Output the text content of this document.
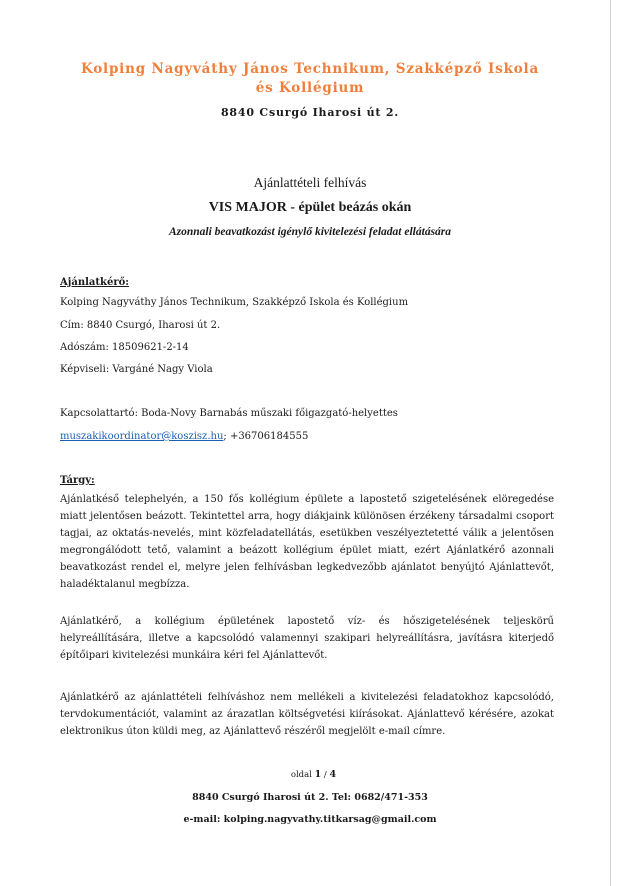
Kolping Nagyváthy János Technikum, Szakképző Iskola és Kollégium
8840 Csurgó Iharosi út 2.
Ajánlattételi felhívás
VIS MAJOR - épület beázás okán
Azonnali beavatkozást igénylő kivitelezési feladat ellátására
Ajánlatkérő:
Kolping Nagyváthy János Technikum, Szakképző Iskola és Kollégium
Cím: 8840 Csurgó, Iharosi út 2.
Adószám: 18509621-2-14
Képviseli: Vargáné Nagy Viola
Kapcsolattartó: Boda-Novy Barnabás műszaki főigazgató-helyettes
muszakikoordinator@koszisz.hu; +36706184555
Tárgy:
Ajánlatkéső telephelyén, a 150 fős kollégium épülete a lapostető szigetelésének elöregedése miatt jelentősen beázott. Tekintettel arra, hogy diákjaink különösen érzékeny társadalmi csoport tagjai, az oktatás-nevelés, mint közfeladatellátás, esetükben veszélyeztetetté válik a jelentősen megrongálódott tető, valamint a beázott kollégium épület miatt, ezért Ajánlatkérő azonnali beavatkozást rendel el, melyre jelen felhívásban legkedvezőbb ajánlatot benyújtó Ajánlattevőt, haladéktalanul megbízza.
Ajánlatkérő, a kollégium épületének lapostető víz- és hőszigetelésének teljeskörű helyreállítására, illetve a kapcsolódó valamennyi szakipari helyreállításra, javításra kiterjedő építőipari kivitelezési munkáira kéri fel Ajánlattevőt.
Ajánlatkérő az ajánlattételi felhíváshoz nem mellékeli a kivitelezési feladatokhoz kapcsolódó, tervdokumentációt, valamint az árazatlan költségvetési kiírásokat. Ajánlattevő kérésére, azokat elektronikus úton küldi meg, az Ajánlattevő részéről megjelölt e-mail címre.
oldal 1 / 4
8840 Csurgó Iharosi út 2. Tel: 0682/471-353
e-mail: kolping.nagyvathy.titkarsag@gmail.com
